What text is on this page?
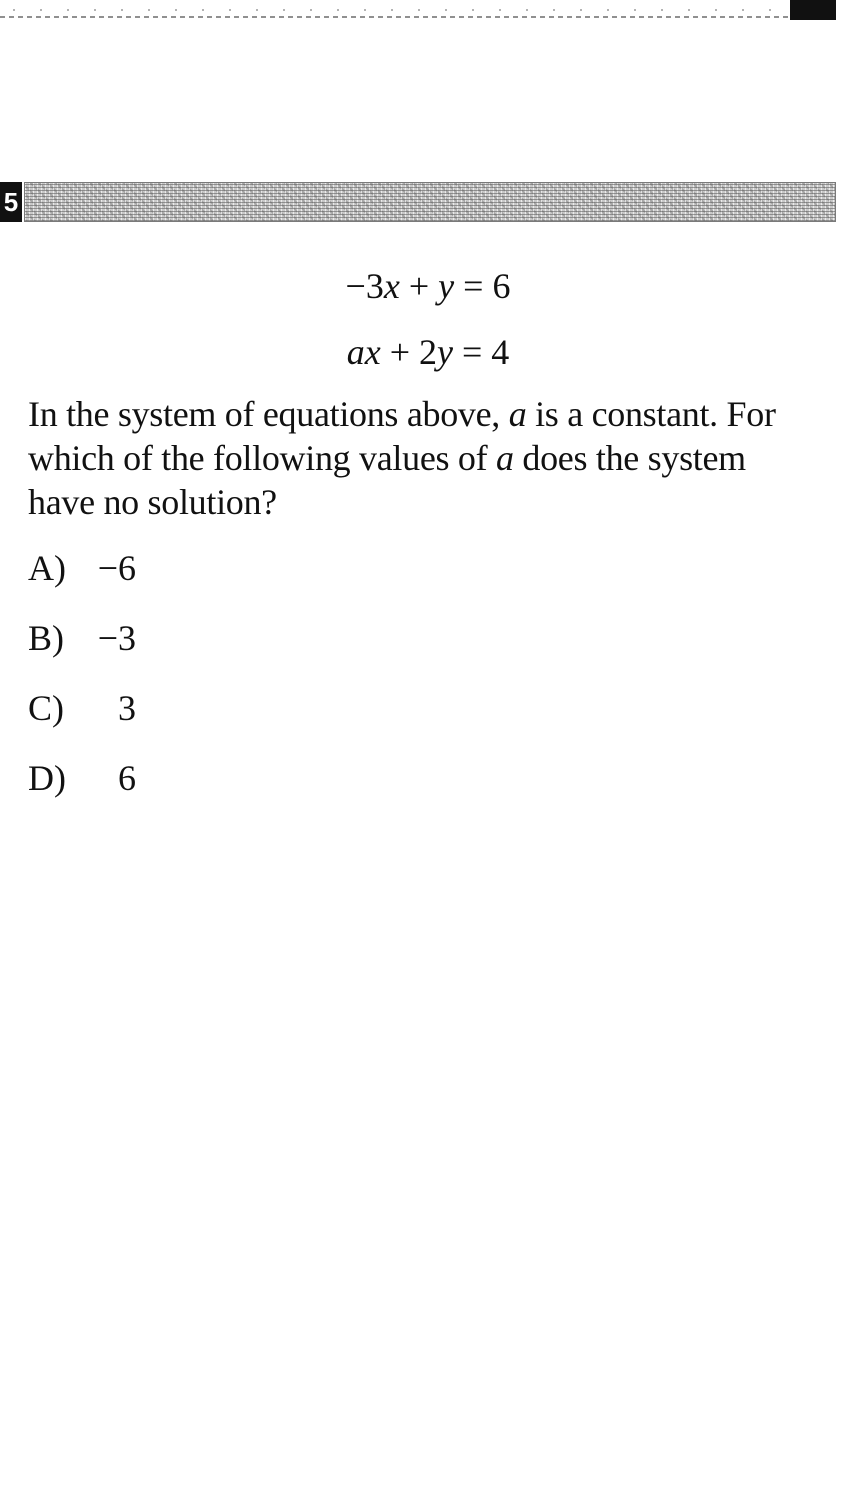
5
−3x + y = 6
ax + 2y = 4
In the system of equations above, a is a constant. For
which of the following values of a does the system
have no solution?
A) −6
B) −3
C)	3
D)	6
